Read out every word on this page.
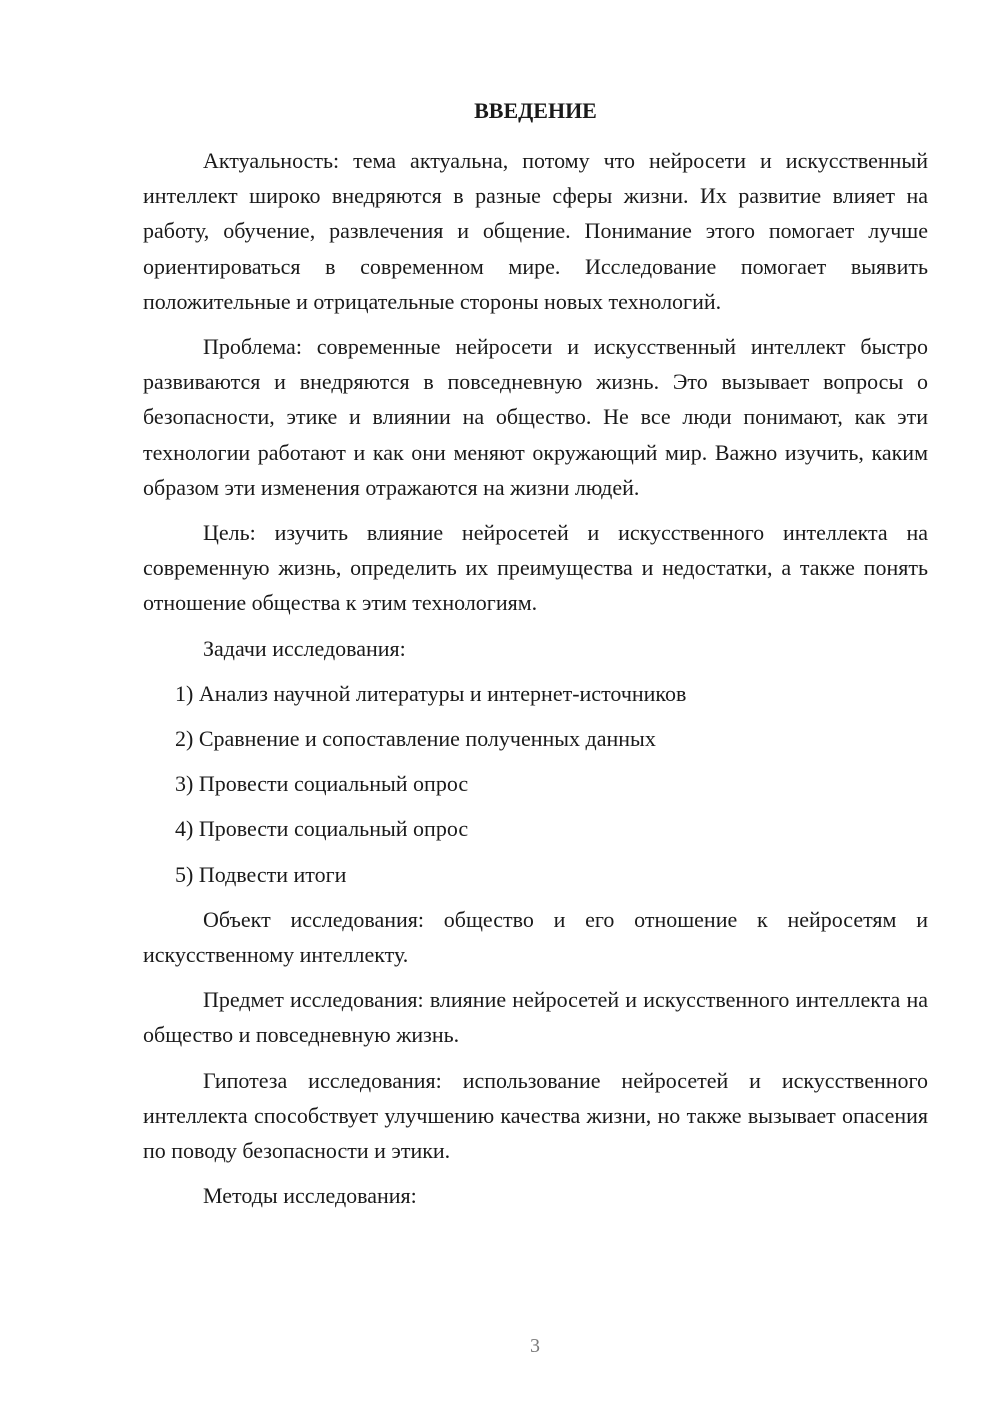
ВВЕДЕНИЕ

Актуальность: тема актуальна, потому что нейросети и искусственный интеллект широко внедряются в разные сферы жизни. Их развитие влияет на работу, обучение, развлечения и общение. Понимание этого помогает лучше ориентироваться в современном мире. Исследование помогает выявить положительные и отрицательные стороны новых технологий.

Проблема: современные нейросети и искусственный интеллект быстро развиваются и внедряются в повседневную жизнь. Это вызывает вопросы о безопасности, этике и влиянии на общество. Не все люди понимают, как эти технологии работают и как они меняют окружающий мир. Важно изучить, каким образом эти изменения отражаются на жизни людей.

Цель: изучить влияние нейросетей и искусственного интеллекта на современную жизнь, определить их преимущества и недостатки, а также понять отношение общества к этим технологиям.

Задачи исследования:

1) Анализ научной литературы и интернет-источников

2) Сравнение и сопоставление полученных данных

3) Провести социальный опрос

4) Провести социальный опрос

5) Подвести итоги

Объект исследования: общество и его отношение к нейросетям и искусственному интеллекту.

Предмет исследования: влияние нейросетей и искусственного интеллекта на общество и повседневную жизнь.

Гипотеза исследования: использование нейросетей и искусственного интеллекта способствует улучшению качества жизни, но также вызывает опасения по поводу безопасности и этики.

Методы исследования:

3
